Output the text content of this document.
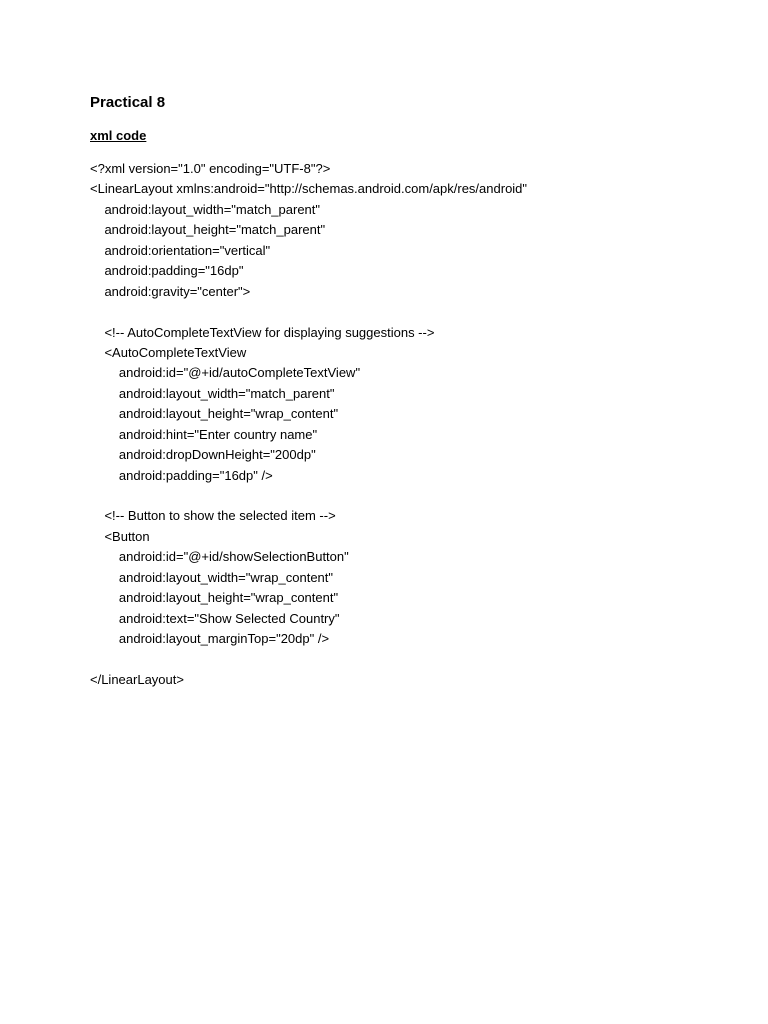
Practical 8
xml code
<?xml version="1.0" encoding="UTF-8"?>
<LinearLayout xmlns:android="http://schemas.android.com/apk/res/android"
android:layout_width="match_parent"
android:layout_height="match_parent"
android:orientation="vertical"
android:padding="16dp"
android:gravity="center">
<!-- AutoCompleteTextView for displaying suggestions -->
<AutoCompleteTextView
android:id="@+id/autoCompleteTextView"
android:layout_width="match_parent"
android:layout_height="wrap_content"
android:hint="Enter country name"
android:dropDownHeight="200dp"
android:padding="16dp" />
<!-- Button to show the selected item -->
<Button
android:id="@+id/showSelectionButton"
android:layout_width="wrap_content"
android:layout_height="wrap_content"
android:text="Show Selected Country"
android:layout_marginTop="20dp" />
</LinearLayout>
